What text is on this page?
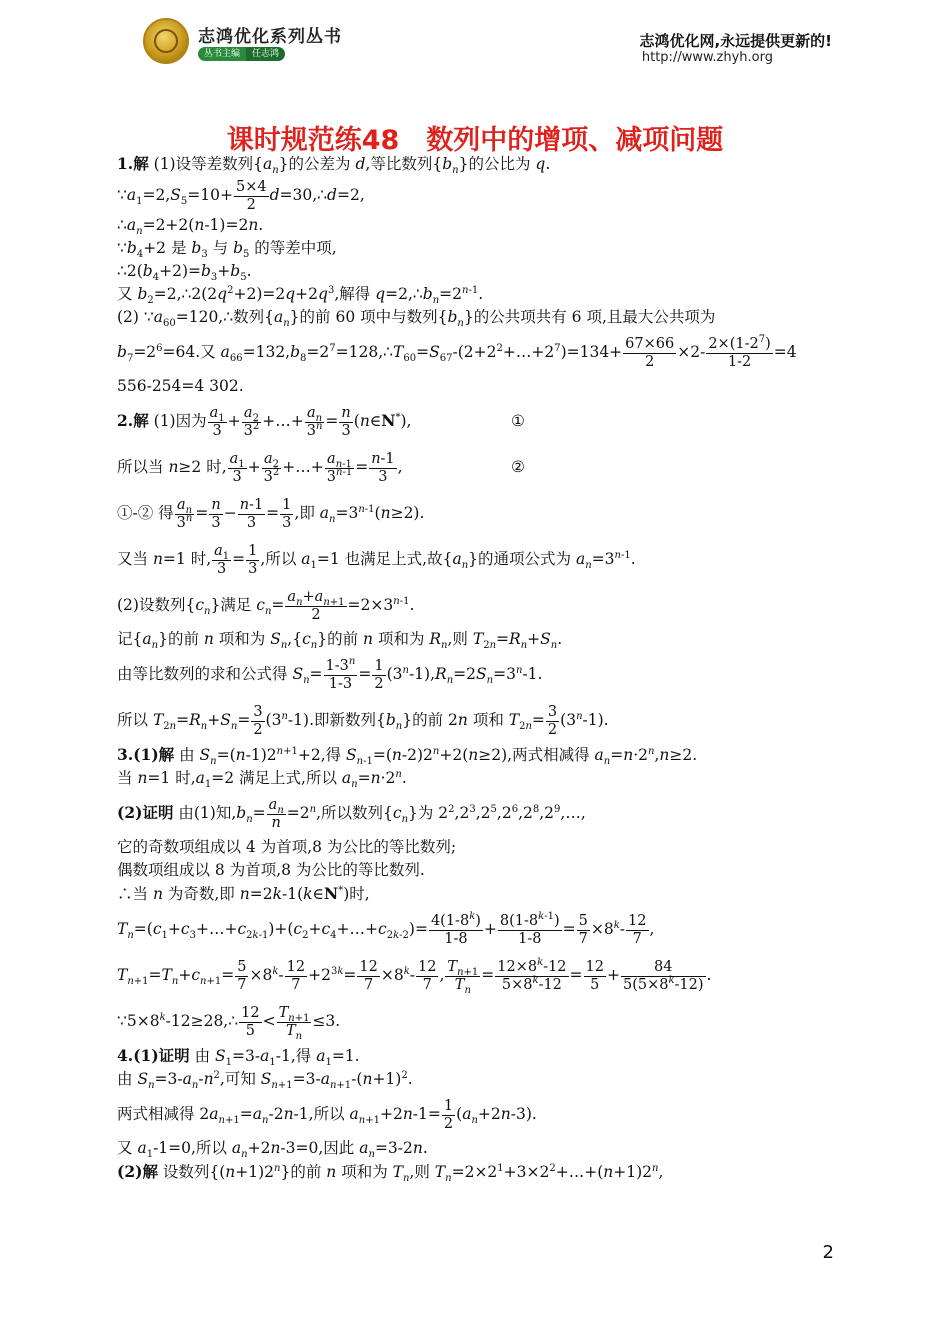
志鸿优化系列丛书
丛书主编	任志鸿
志鸿优化网,永远提供更新的!
http://www.zhyh.org
课时规范练48　数列中的增项、减项问题
1.解 (1)设等差数列$\{a_n\}$的公差为 d,等比数列$\{b_n\}$的公比为 q.
$\because a_1=2,S_5=10+ \frac{5\times 4}{2}$ d=30,∴d=2,
$\therefore a_n=2+2(n-1)=2n$.
$\because b_4+2$ 是 $b_3$ 与 $b_5$ 的等差中项,
$\therefore 2(b_4+2)=b_3+b_5$.
又 $b_2=2,\therefore 2(2q^2+2)=2q+2q^3$,解得 $q=2,\therefore b_n=2^{n-1}$.
(2) $\because a_{60}=120,\therefore$数列$\{a_n\}$的前 60 项中与数列$\{b_n\}$的公共项共有 6 项,且最大公共项为
$b_7=2^6=64$.又 $a_{66}=132,b_8=2^7=128,\therefore T_{60}=S_{67}-(2+2^2+\dots+2^7)=134+ \frac{67\times 66}{2} \times 2- \frac{2\times(1-2^7)}{1-2} =4$
556-254=4 302.
2.解 (1)因为 $\frac{a_1}{3} + \frac{a_2}{3^2}$ +…+ $\frac{a_n}{3^n} = \frac{n}{3}$ (n∈N*),	①
所以当 n≥2 时, $\frac{a_1}{3} + \frac{a_2}{3^2}$ +…+ $\frac{a_{n-1}}{3^{n-1}} = \frac{n-1}{3}$ ,	②
①-② 得 $\frac{a_n}{3^n} = \frac{n}{3} - \frac{n-1}{3} = \frac{1}{3}$ ,即 $a_n=3^{n-1}(n\ge 2)$.
又当 n=1 时, $\frac{a_1}{3} = \frac{1}{3}$ ,所以 $a_1=1$ 也满足上式,故$\{a_n\}$的通项公式为 $a_n=3^{n-1}$.
(2)设数列$\{c_n\}$满足 $c_n= \frac{a_n+a_{n+1}}{2} =2\times 3^{n-1}$.
记$\{a_n\}$的前 n 项和为 $S_n,\{c_n\}$的前 n 项和为 $R_n$,则 $T_{2n}=R_n+S_n$.
由等比数列的求和公式得 $S_n= \frac{1-3^n}{1-3} = \frac{1}{2} (3^n-1),R_n=2S_n=3^n-1$.
所以 $T_{2n}=R_n+S_n= \frac{3}{2} (3^n-1)$.即新数列$\{b_n\}$的前 2n 项和 $T_{2n}= \frac{3}{2} (3^n-1)$.
3.(1)解 由 $S_n=(n-1)2^{n+1}+2$,得 $S_{n-1}=(n-2)2^n+2(n\ge 2)$,两式相减得 $a_n=n\cdot 2^n,n\ge 2$.
当 n=1 时$,a_1=2$ 满足上式,所以 $a_n=n\cdot 2^n$.
(2)证明 由(1)知$,b_n= \frac{a_n}{n} =2^n$,所以数列$\{c_n\}$为 $2^2,2^3,2^5,2^6,2^8,2^9,\dots$,
它的奇数项组成以 4 为首项,8 为公比的等比数列;
偶数项组成以 8 为首项,8 为公比的等比数列.
∴当 n 为奇数,即 n=2k-1(k∈N*)时,
$T_n=(c_1+c_3+\dots+c_{2k-1})+(c_2+c_4+\dots+c_{2k-2})= \frac{4(1-8^k)}{1-8} + \frac{8(1-8^{k-1})}{1-8} = \frac{5}{7} \times 8^k- \frac{12}{7}$ ,
$T_{n+1}=T_n+c_{n+1}= \frac{5}{7} \times 8^k- \frac{12}{7} +2^{3k}= \frac{12}{7} \times 8^k- \frac{12}{7}$ , $\frac{T_{n+1}}{T_n} = \frac{12\times 8^k-12}{5\times 8^k-12} = \frac{12}{5} + \frac{84}{5(5\times 8^k-12)}$ .
$\because 5\times 8^k-12\ge 28,\therefore \frac{12}{5} < \frac{T_{n+1}}{T_n} \le 3$.
4.(1)证明 由 $S_1=3-a_1-1$,得 $a_1=1$.
由 $S_n=3-a_n-n^2$,可知 $S_{n+1}=3-a_{n+1}-(n+1)^2$.
两式相减得 $2a_{n+1}=a_n-2n-1$,所以 $a_{n+1}+2n-1= \frac{1}{2} (a_n+2n-3)$.
又 $a_1-1=0$,所以 $a_n+2n-3=0$,因此 $a_n=3-2n$.
(2)解 设数列$\{(n+1)2^n\}$的前 n 项和为 $T_n$,则 $T_n=2\times 2^1+3\times 2^2+\dots+(n+1)2^n$,
2
